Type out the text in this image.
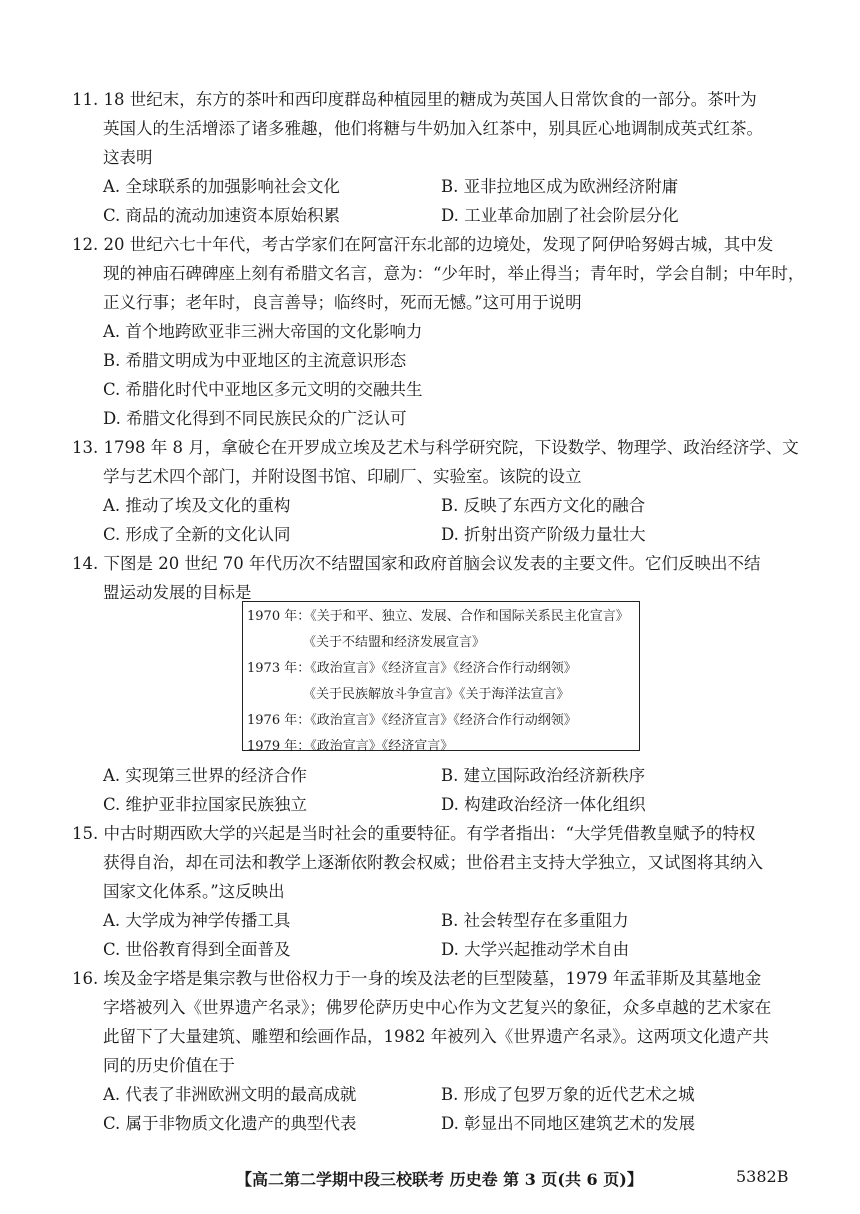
11. 18 世纪末，东方的茶叶和西印度群岛种植园里的糖成为英国人日常饮食的一部分。茶叶为
英国人的生活增添了诸多雅趣，他们将糖与牛奶加入红茶中，别具匠心地调制成英式红茶。
这表明
A. 全球联系的加强影响社会文化	B. 亚非拉地区成为欧洲经济附庸
C. 商品的流动加速资本原始积累	D. 工业革命加剧了社会阶层分化
12. 20 世纪六七十年代，考古学家们在阿富汗东北部的边境处，发现了阿伊哈努姆古城，其中发
现的神庙石碑碑座上刻有希腊文名言，意为：“少年时，举止得当；青年时，学会自制；中年时，
正义行事；老年时，良言善导；临终时，死而无憾。”这可用于说明
A. 首个地跨欧亚非三洲大帝国的文化影响力
B. 希腊文明成为中亚地区的主流意识形态
C. 希腊化时代中亚地区多元文明的交融共生
D. 希腊文化得到不同民族民众的广泛认可
13. 1798 年 8 月，拿破仑在开罗成立埃及艺术与科学研究院，下设数学、物理学、政治经济学、文
学与艺术四个部门，并附设图书馆、印刷厂、实验室。该院的设立
A. 推动了埃及文化的重构	B. 反映了东西方文化的融合
C. 形成了全新的文化认同	D. 折射出资产阶级力量壮大
14. 下图是 20 世纪 70 年代历次不结盟国家和政府首脑会议发表的主要文件。它们反映出不结
盟运动发展的目标是
1970 年：《关于和平、独立、发展、合作和国际关系民主化宣言》
《关于不结盟和经济发展宣言》
1973 年：《政治宣言》《经济宣言》《经济合作行动纲领》
《关于民族解放斗争宣言》《关于海洋法宣言》
1976 年：《政治宣言》《经济宣言》《经济合作行动纲领》
1979 年：《政治宣言》《经济宣言》
A. 实现第三世界的经济合作	B. 建立国际政治经济新秩序
C. 维护亚非拉国家民族独立	D. 构建政治经济一体化组织
15. 中古时期西欧大学的兴起是当时社会的重要特征。有学者指出：“大学凭借教皇赋予的特权
获得自治，却在司法和教学上逐渐依附教会权威；世俗君主支持大学独立，又试图将其纳入
国家文化体系。”这反映出
A. 大学成为神学传播工具	B. 社会转型存在多重阻力
C. 世俗教育得到全面普及	D. 大学兴起推动学术自由
16. 埃及金字塔是集宗教与世俗权力于一身的埃及法老的巨型陵墓，1979 年孟菲斯及其墓地金
字塔被列入《世界遗产名录》；佛罗伦萨历史中心作为文艺复兴的象征，众多卓越的艺术家在
此留下了大量建筑、雕塑和绘画作品，1982 年被列入《世界遗产名录》。这两项文化遗产共
同的历史价值在于
A. 代表了非洲欧洲文明的最高成就	B. 形成了包罗万象的近代艺术之城
C. 属于非物质文化遗产的典型代表	D. 彰显出不同地区建筑艺术的发展
【高二第二学期中段三校联考 历史卷 第 3 页(共 6 页)】	5382B
